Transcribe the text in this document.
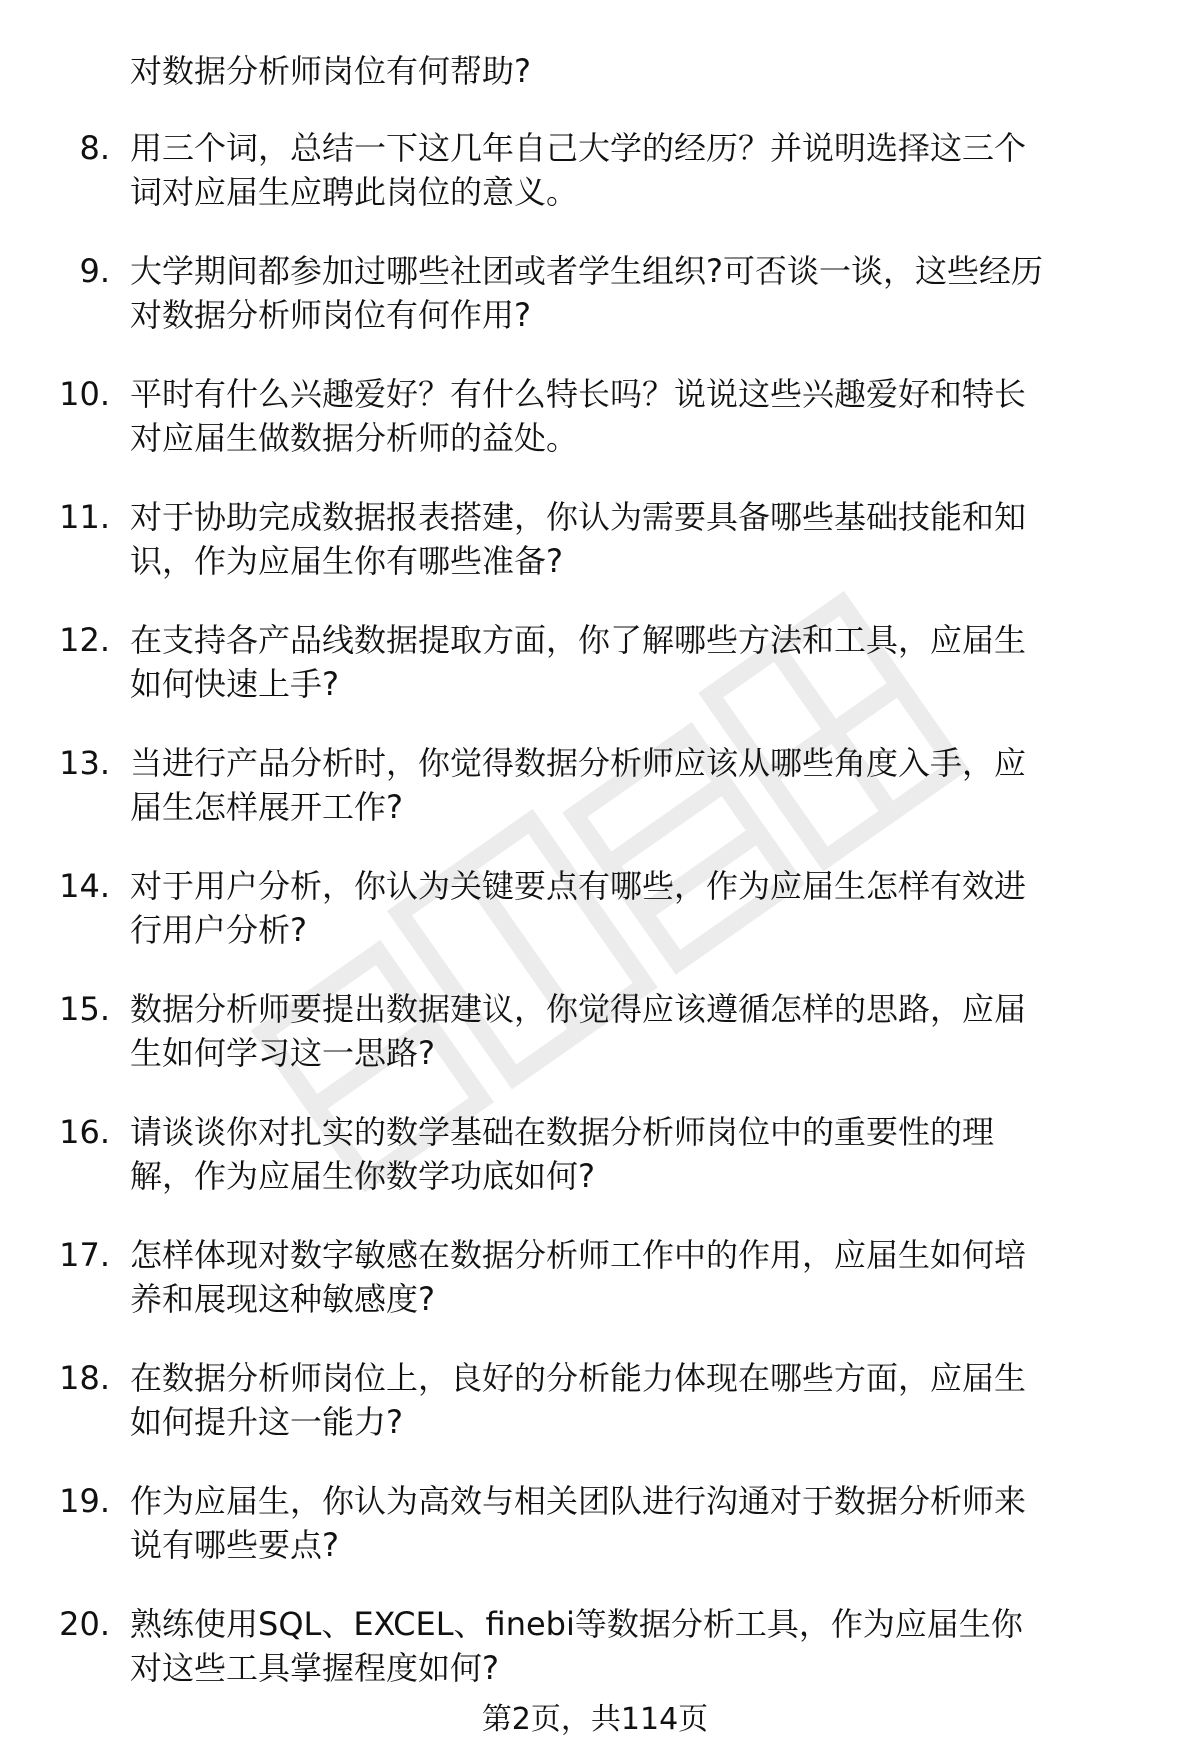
对数据分析师岗位有何帮助?

8. 用三个词，总结一下这几年自己大学的经历？并说明选择这三个
词对应届生应聘此岗位的意义。
9. 大学期间都参加过哪些社团或者学生组织?可否谈一谈，这些经历
对数据分析师岗位有何作用?
10. 平时有什么兴趣爱好？有什么特长吗？说说这些兴趣爱好和特长
对应届生做数据分析师的益处。
11. 对于协助完成数据报表搭建，你认为需要具备哪些基础技能和知
识，作为应届生你有哪些准备?
12. 在支持各产品线数据提取方面，你了解哪些方法和工具，应届生
如何快速上手?
13. 当进行产品分析时，你觉得数据分析师应该从哪些角度入手，应
届生怎样展开工作?
14. 对于用户分析，你认为关键要点有哪些，作为应届生怎样有效进
行用户分析?
15. 数据分析师要提出数据建议，你觉得应该遵循怎样的思路，应届
生如何学习这一思路?
16. 请谈谈你对扎实的数学基础在数据分析师岗位中的重要性的理
解，作为应届生你数学功底如何?
17. 怎样体现对数字敏感在数据分析师工作中的作用，应届生如何培
养和展现这种敏感度?
18. 在数据分析师岗位上，良好的分析能力体现在哪些方面，应届生
如何提升这一能力?
19. 作为应届生，你认为高效与相关团队进行沟通对于数据分析师来
说有哪些要点?
20. 熟练使用SQL、EXCEL、finebi等数据分析工具，作为应届生你
对这些工具掌握程度如何?
第2页，共114页
